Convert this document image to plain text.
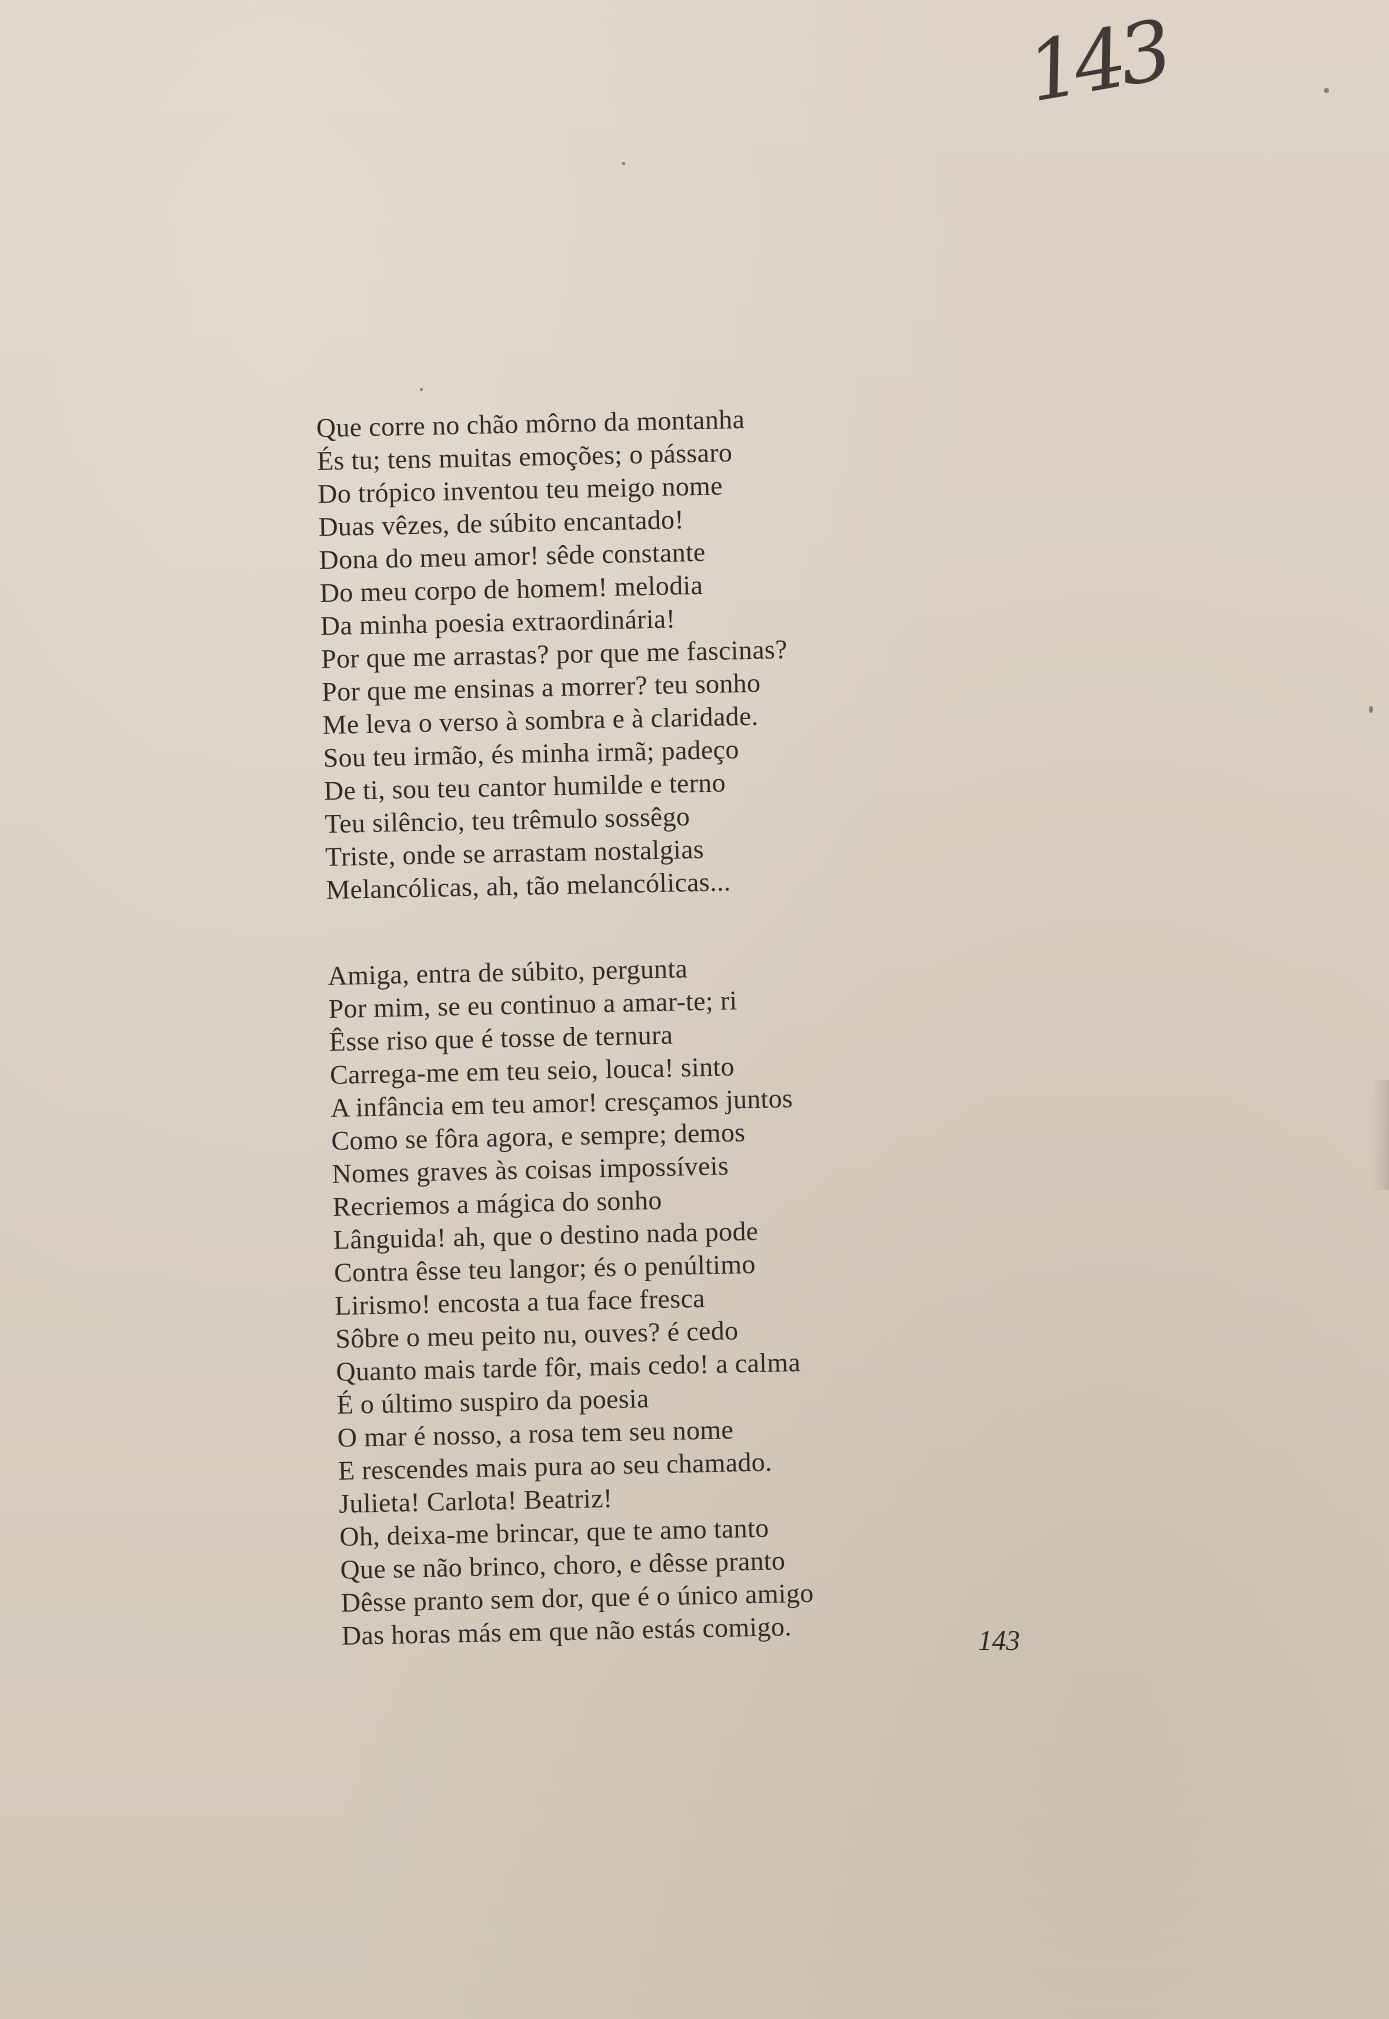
143
Que corre no chão môrno da montanha
És tu; tens muitas emoções; o pássaro
Do trópico inventou teu meigo nome
Duas vêzes, de súbito encantado!
Dona do meu amor! sêde constante
Do meu corpo de homem! melodia
Da minha poesia extraordinária!
Por que me arrastas? por que me fascinas?
Por que me ensinas a morrer? teu sonho
Me leva o verso à sombra e à claridade.
Sou teu irmão, és minha irmã; padeço
De ti, sou teu cantor humilde e terno
Teu silêncio, teu trêmulo sossêgo
Triste, onde se arrastam nostalgias
Melancólicas, ah, tão melancólicas...
Amiga, entra de súbito, pergunta
Por mim, se eu continuo a amar-te; ri
Êsse riso que é tosse de ternura
Carrega-me em teu seio, louca! sinto
A infância em teu amor! cresçamos juntos
Como se fôra agora, e sempre; demos
Nomes graves às coisas impossíveis
Recriemos a mágica do sonho
Lânguida! ah, que o destino nada pode
Contra êsse teu langor; és o penúltimo
Lirismo! encosta a tua face fresca
Sôbre o meu peito nu, ouves? é cedo
Quanto mais tarde fôr, mais cedo! a calma
É o último suspiro da poesia
O mar é nosso, a rosa tem seu nome
E rescendes mais pura ao seu chamado.
Julieta! Carlota! Beatriz!
Oh, deixa-me brincar, que te amo tanto
Que se não brinco, choro, e dêsse pranto
Dêsse pranto sem dor, que é o único amigo
Das horas más em que não estás comigo.	143
